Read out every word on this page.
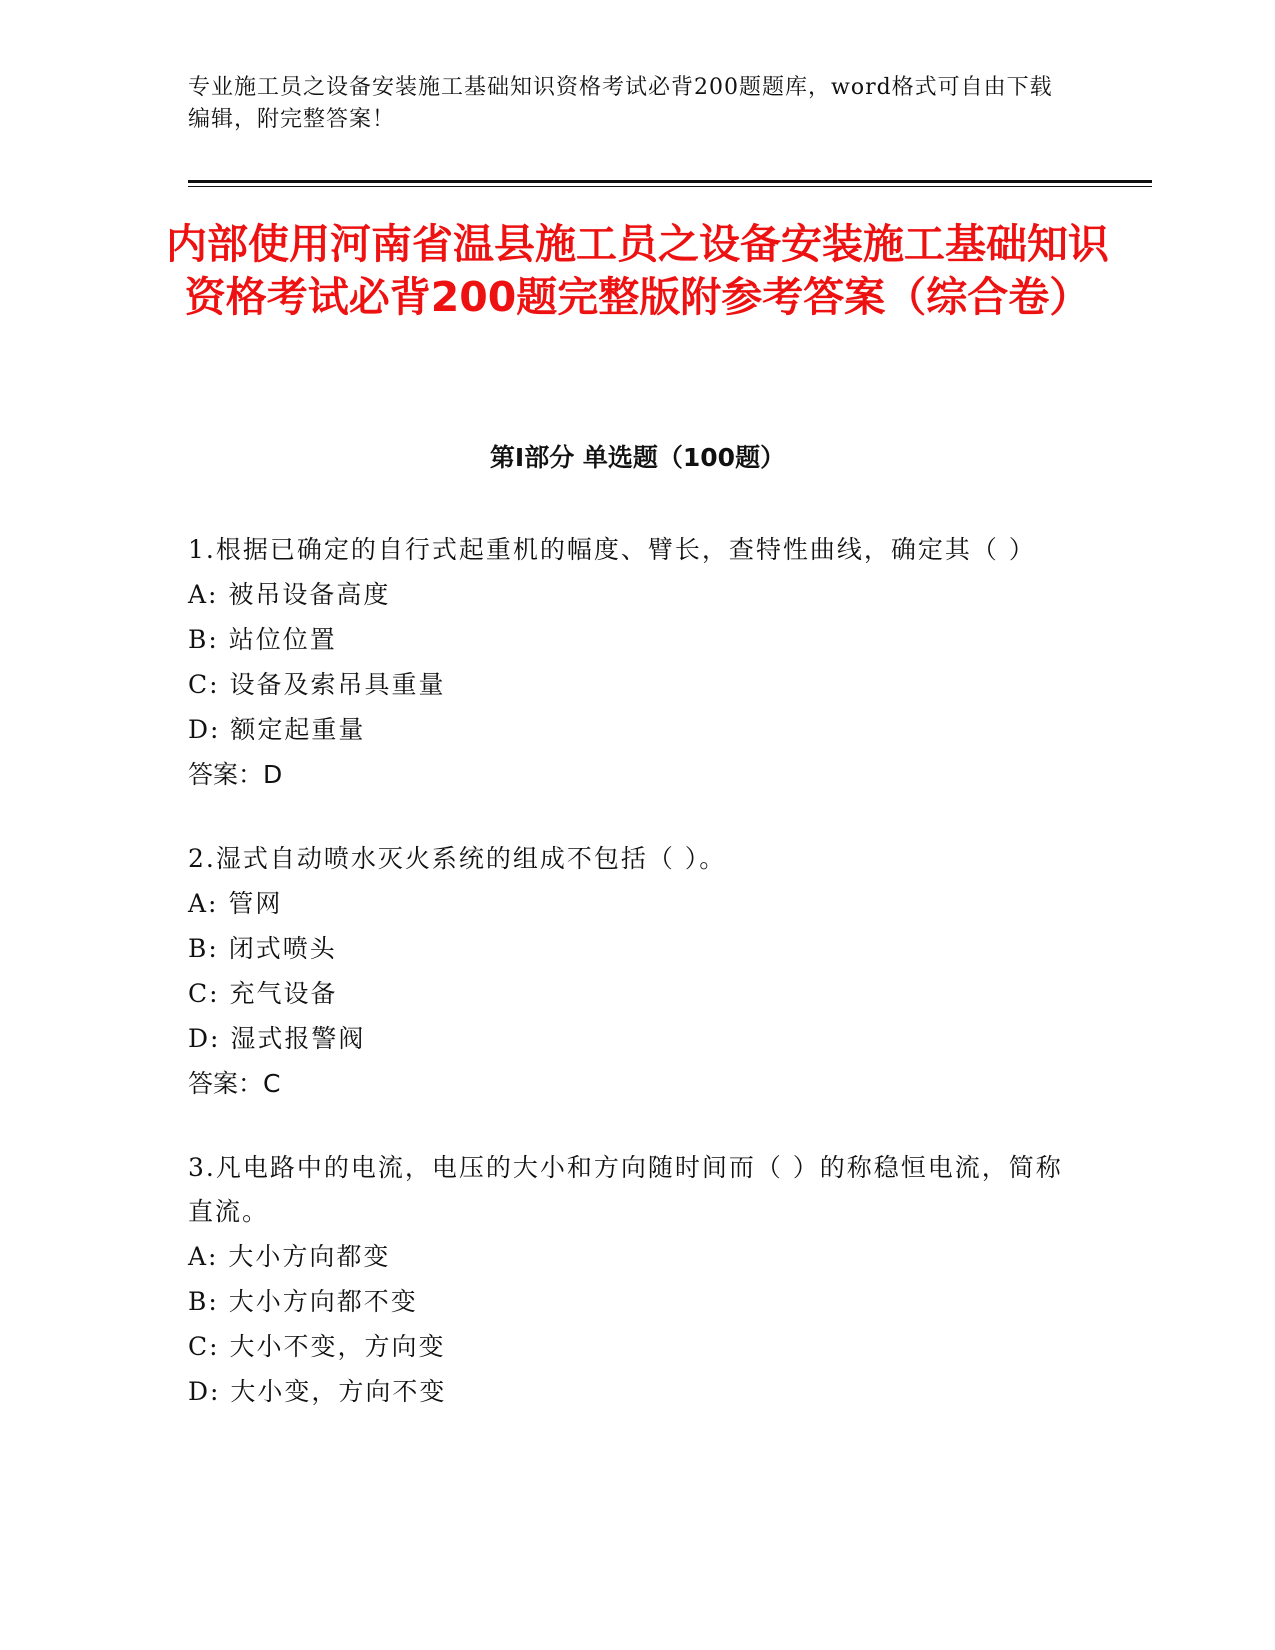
专业施工员之设备安装施工基础知识资格考试必背200题题库，word格式可自由下载编辑，附完整答案！
内部使用河南省温县施工员之设备安装施工基础知识资格考试必背200题完整版附参考答案（综合卷）
第Ⅰ部分 单选题（100题）
1.根据已确定的自行式起重机的幅度、臂长，查特性曲线，确定其（ ）
A: 被吊设备高度
B: 站位位置
C: 设备及索吊具重量
D: 额定起重量
答案：D
2.湿式自动喷水灭火系统的组成不包括（ ）。
A: 管网
B: 闭式喷头
C: 充气设备
D: 湿式报警阀
答案：C
3.凡电路中的电流，电压的大小和方向随时间而（ ）的称稳恒电流，简称直流。
A: 大小方向都变
B: 大小方向都不变
C: 大小不变，方向变
D: 大小变，方向不变
